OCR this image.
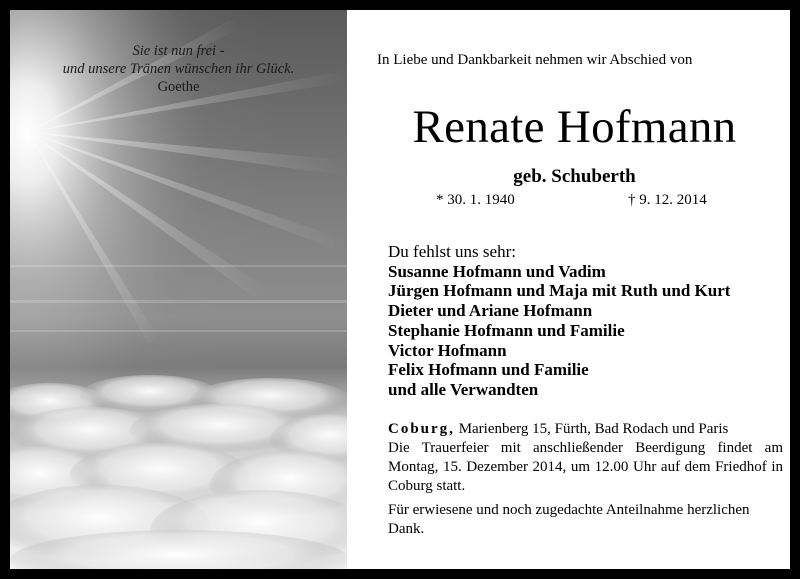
Sie ist nun frei -
und unsere Tränen wünschen ihr Glück.
Goethe
In Liebe und Dankbarkeit nehmen wir Abschied von
Renate Hofmann
geb. Schuberth
* 30. 1. 1940	† 9. 12. 2014
Du fehlst uns sehr:
Susanne Hofmann und Vadim
Jürgen Hofmann und Maja mit Ruth und Kurt
Dieter und Ariane Hofmann
Stephanie Hofmann und Familie
Victor Hofmann
Felix Hofmann und Familie
und alle Verwandten

Coburg, Marienberg 15, Fürth, Bad Rodach und Paris

Die Trauerfeier mit anschließender Beerdigung findet am Montag, 15. Dezember 2014, um 12.00 Uhr auf dem Friedhof in Coburg statt.

Für erwiesene und noch zugedachte Anteilnahme herzlichen Dank.
